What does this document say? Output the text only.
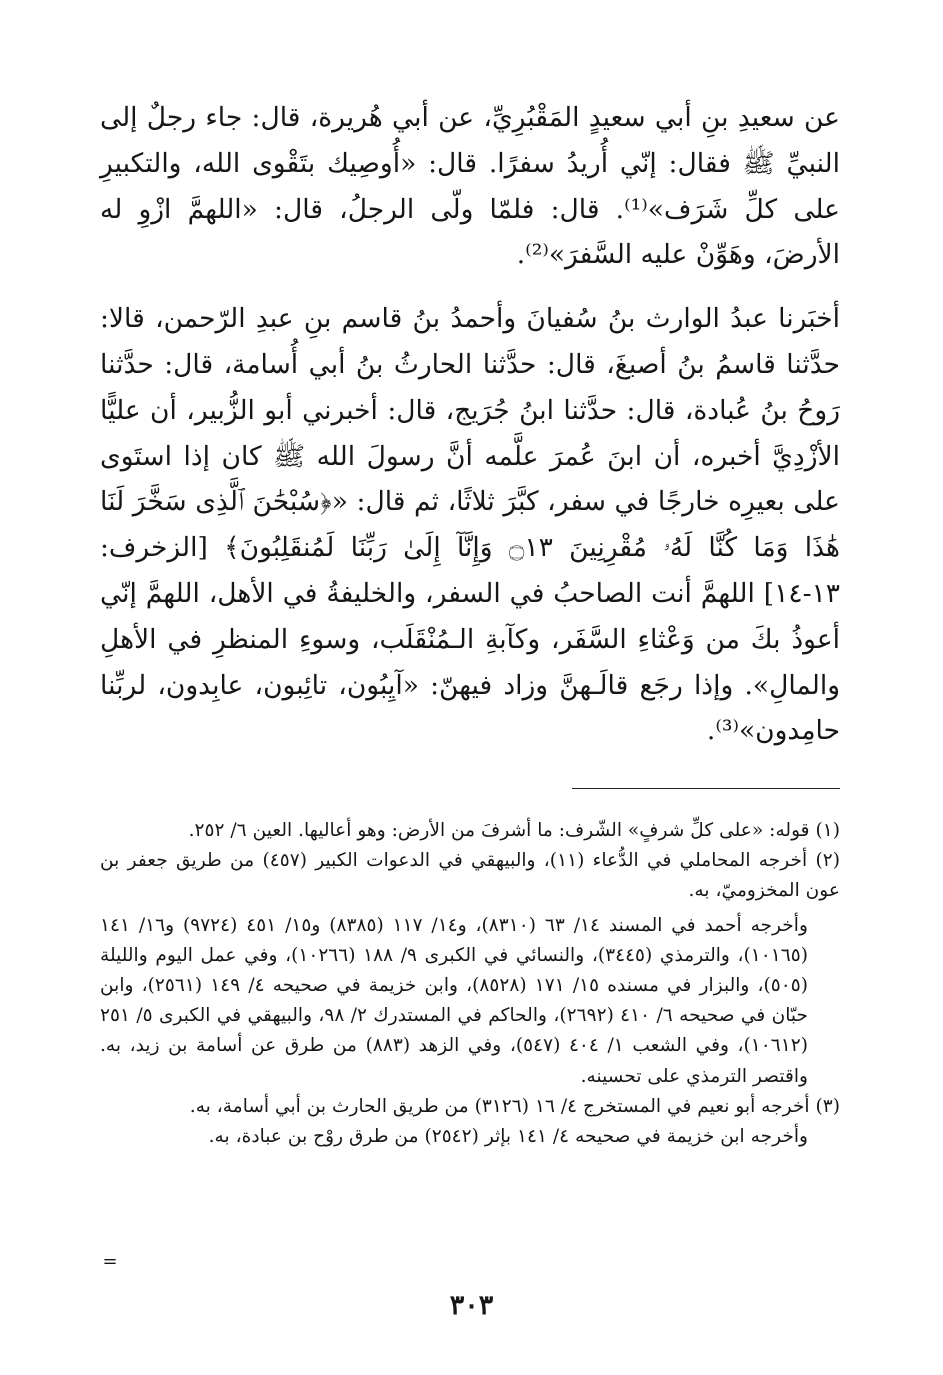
عن سعيدِ بنِ أبي سعيدٍ المَقْبُرِيِّ، عن أبي هُريرة، قال: جاء رجلٌ إلى النبيِّ ﷺ فقال: إنّي أُريدُ سفرًا. قال: «أُوصِيك بتَقْوى الله، والتكبيرِ على كلِّ شَرَف»⁽¹⁾. قال: فلمّا ولّى الرجلُ، قال: «اللهمَّ ازْوِ له الأرضَ، وهَوِّنْ عليه السَّفرَ»⁽²⁾.

أخبَرنا عبدُ الوارث بنُ سُفيانَ وأحمدُ بنُ قاسم بنِ عبدِ الرّحمن، قالا: حدَّثنا قاسمُ بنُ أصبغَ، قال: حدَّثنا الحارثُ بنُ أبي أُسامة، قال: حدَّثنا رَوحُ بنُ عُبادة، قال: حدَّثنا ابنُ جُرَيج، قال: أخبرني أبو الزُّبير، أن عليًّا الأزْدِيَّ أخبره، أن ابنَ عُمرَ علَّمه أنَّ رسولَ الله ﷺ كان إذا استَوى على بعيرِه خارجًا في سفر، كبَّرَ ثلاثًا، ثم قال: «﴿سُبْحَٰنَ ٱلَّذِى سَخَّرَ لَنَا هَٰذَا وَمَا كُنَّا لَهُۥ مُقْرِنِينَ ۝١٣ وَإِنَّآ إِلَىٰ رَبِّنَا لَمُنقَلِبُونَ﴾ [الزخرف: ١٣-١٤] اللهمَّ أنت الصاحبُ في السفر، والخليفةُ في الأهل، اللهمَّ إنّي أعوذُ بكَ من وَعْثاءِ السَّفَر، وكآبةِ الـمُنْقَلَب، وسوءِ المنظرِ في الأهلِ والمالِ». وإذا رجَع قالَـهنَّ وزاد فيهنّ: «آيِبُون، تائِبون، عابِدون، لربِّنا حامِدون»⁽³⁾.

(١) قوله: «على كلِّ شرفٍ» الشّرف: ما أشرفَ من الأرض: وهو أعاليها. العين ٦/ ٢٥٢.

(٢) أخرجه المحاملي في الدُّعاء (١١)، والبيهقي في الدعوات الكبير (٤٥٧) من طريق جعفر بن عون المخزوميّ، به.

وأخرجه أحمد في المسند ١٤/ ٦٣ (٨٣١٠)، و١٤/ ١١٧ (٨٣٨٥) و١٥/ ٤٥١ (٩٧٢٤) و١٦/ ١٤١ (١٠١٦٥)، والترمذي (٣٤٤٥)، والنسائي في الكبرى ٩/ ١٨٨ (١٠٢٦٦)، وفي عمل اليوم والليلة (٥٠٥)، والبزار في مسنده ١٥/ ١٧١ (٨٥٢٨)، وابن خزيمة في صحيحه ٤/ ١٤٩ (٢٥٦١)، وابن حبّان في صحيحه ٦/ ٤١٠ (٢٦٩٢)، والحاكم في المستدرك ٢/ ٩٨، والبيهقي في الكبرى ٥/ ٢٥١ (١٠٦١٢)، وفي الشعب ١/ ٤٠٤ (٥٤٧)، وفي الزهد (٨٨٣) من طرق عن أسامة بن زيد، به. واقتصر الترمذي على تحسينه.

(٣) أخرجه أبو نعيم في المستخرج ٤/ ١٦ (٣١٢٦) من طريق الحارث بن أبي أسامة، به.

وأخرجه ابن خزيمة في صحيحه ٤/ ١٤١ بإثر (٢٥٤٢) من طرق روْح بن عبادة، به.

=
٣٠٣
